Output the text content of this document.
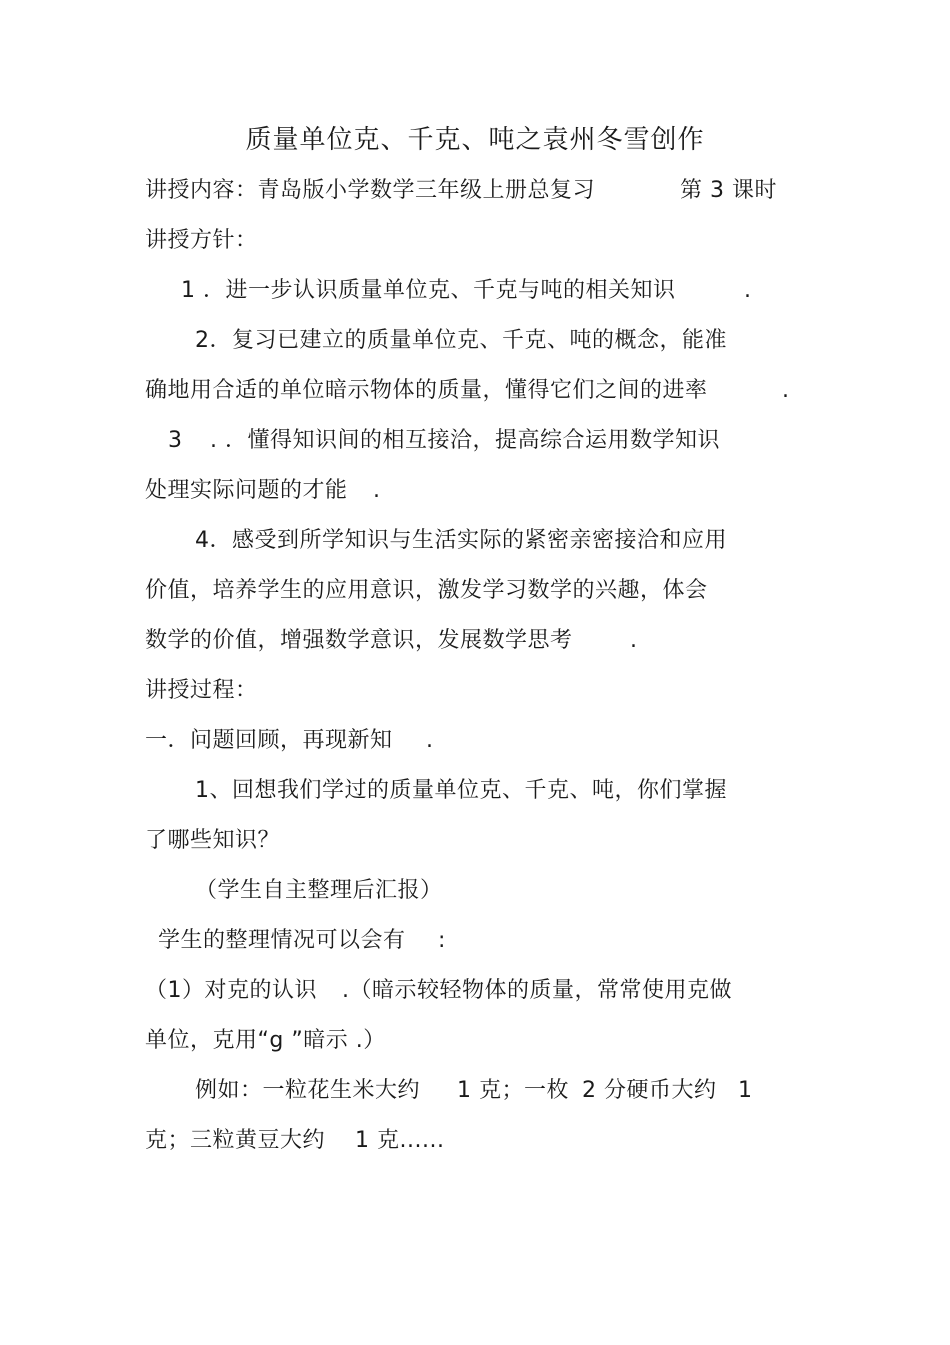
质量单位克、千克、吨之袁州冬雪创作
讲授内容：青岛版小学数学三年级上册总复习	第 3 课时
讲授方针：
1 ．进一步认识质量单位克、千克与吨的相关知识	.
2．复习已建立的质量单位克、千克、吨的概念，能准
确地用合适的单位暗示物体的质量，懂得它们之间的进率	.
3 . ．懂得知识间的相互接洽，提高综合运用数学知识
处理实际问题的才能 .
4．感受到所学知识与生活实际的紧密亲密接洽和应用
价值，培养学生的应用意识，激发学习数学的兴趣，体会
数学的价值，增强数学意识，发展数学思考	.
讲授过程：
一．问题回顾，再现新知 .
1、回想我们学过的质量单位克、千克、吨，你们掌握
了哪些知识？
（学生自主整理后汇报）
学生的整理情况可以会有 :
（1）对克的认识 .（暗示较轻物体的质量，常常使用克做
单位，克用“g ”暗示 .）
例如：一粒花生米大约 1 克；一枚 2 分硬币大约 1
克；三粒黄豆大约 1 克......
